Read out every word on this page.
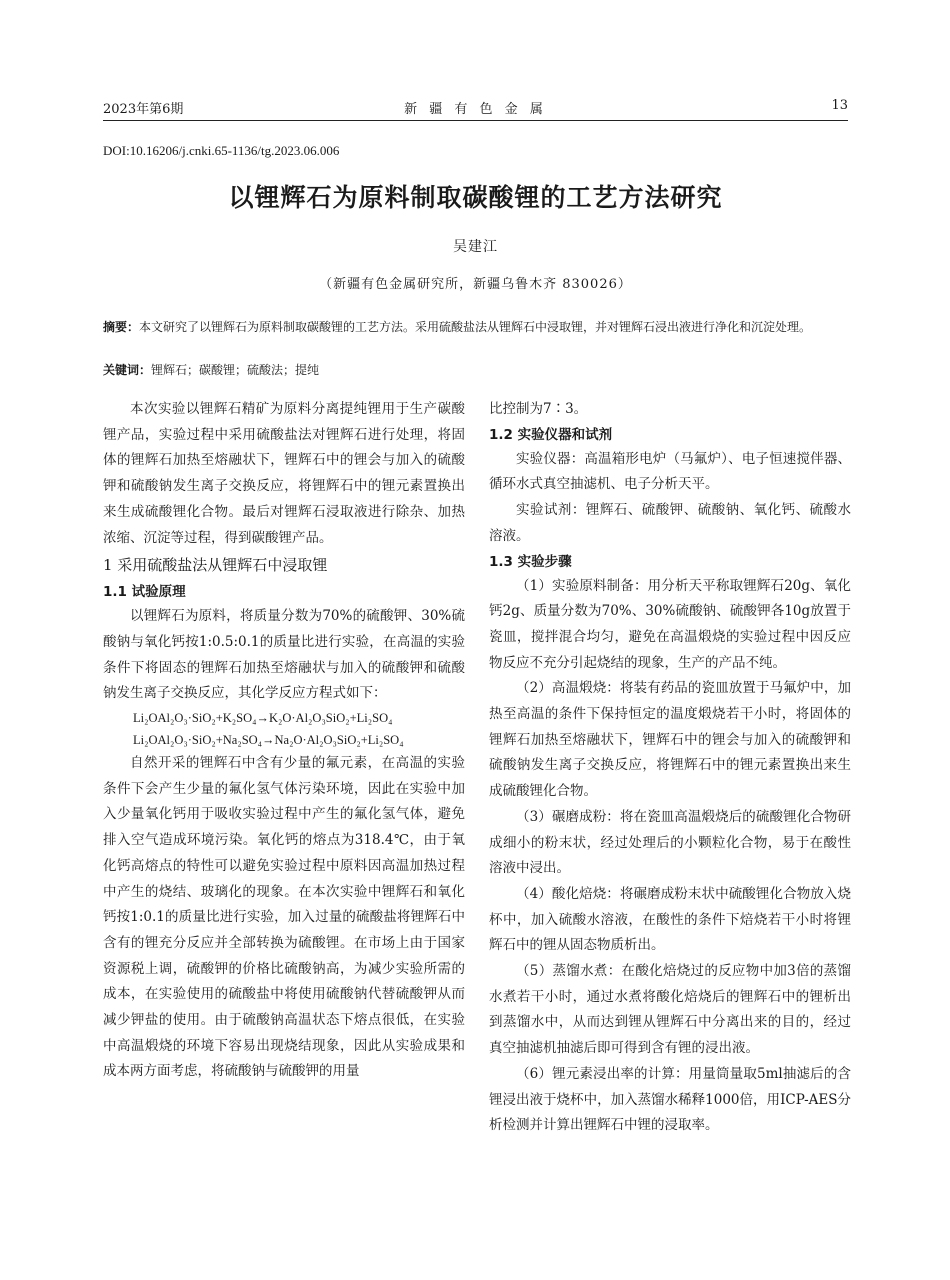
2023年第6期	新 疆 有 色 金 属	13
DOI:10.16206/j.cnki.65-1136/tg.2023.06.006
以锂辉石为原料制取碳酸锂的工艺方法研究
吴建江
（新疆有色金属研究所，新疆乌鲁木齐 830026）
摘要：本文研究了以锂辉石为原料制取碳酸锂的工艺方法。采用硫酸盐法从锂辉石中浸取锂，并对锂辉石浸出液进行净化和沉淀处理。
关键词：锂辉石；碳酸锂；硫酸法；提纯

本次实验以锂辉石精矿为原料分离提纯锂用于生产碳酸锂产品，实验过程中采用硫酸盐法对锂辉石进行处理，将固体的锂辉石加热至熔融状下，锂辉石中的锂会与加入的硫酸钾和硫酸钠发生离子交换反应，将锂辉石中的锂元素置换出来生成硫酸锂化合物。最后对锂辉石浸取液进行除杂、加热浓缩、沉淀等过程，得到碳酸锂产品。

1 采用硫酸盐法从锂辉石中浸取锂
1.1 试验原理

以锂辉石为原料，将质量分数为70%的硫酸钾、30%硫酸钠与氧化钙按1:0.5:0.1的质量比进行实验，在高温的实验条件下将固态的锂辉石加热至熔融状与加入的硫酸钾和硫酸钠发生离子交换反应，其化学反应方程式如下：

Li₂OAl₂O₃·SiO₂+K₂SO₄→K₂O·Al₂O₃SiO₂+Li₂SO₄
Li₂OAl₂O₃·SiO₂+Na₂SO₄→Na₂O·Al₂O₃SiO₂+Li₂SO₄

自然开采的锂辉石中含有少量的氟元素，在高温的实验条件下会产生少量的氟化氢气体污染环境，因此在实验中加入少量氧化钙用于吸收实验过程中产生的氟化氢气体，避免排入空气造成环境污染。氧化钙的熔点为318.4℃，由于氧化钙高熔点的特性可以避免实验过程中原料因高温加热过程中产生的烧结、玻璃化的现象。在本次实验中锂辉石和氧化钙按1:0.1的质量比进行实验，加入过量的硫酸盐将锂辉石中含有的锂充分反应并全部转换为硫酸锂。在市场上由于国家资源税上调，硫酸钾的价格比硫酸钠高，为减少实验所需的成本，在实验使用的硫酸盐中将使用硫酸钠代替硫酸钾从而减少钾盐的使用。由于硫酸钠高温状态下熔点很低，在实验中高温煅烧的环境下容易出现烧结现象，因此从实验成果和成本两方面考虑，将硫酸钠与硫酸钾的用量

比控制为7∶3。

1.2 实验仪器和试剂

实验仪器：高温箱形电炉（马氟炉）、电子恒速搅伴器、循环水式真空抽滤机、电子分析天平。

实验试剂：锂辉石、硫酸钾、硫酸钠、氧化钙、硫酸水溶液。

1.3 实验步骤

（1）实验原料制备：用分析天平称取锂辉石20g、氧化钙2g、质量分数为70%、30%硫酸钠、硫酸钾各10g放置于瓷皿，搅拌混合均匀，避免在高温煅烧的实验过程中因反应物反应不充分引起烧结的现象，生产的产品不纯。

（2）高温煅烧：将装有药品的瓷皿放置于马氟炉中，加热至高温的条件下保持恒定的温度煅烧若干小时，将固体的锂辉石加热至熔融状下，锂辉石中的锂会与加入的硫酸钾和硫酸钠发生离子交换反应，将锂辉石中的锂元素置换出来生成硫酸锂化合物。

（3）碾磨成粉：将在瓷皿高温煅烧后的硫酸锂化合物研成细小的粉末状，经过处理后的小颗粒化合物，易于在酸性溶液中浸出。

（4）酸化焙烧：将碾磨成粉末状中硫酸锂化合物放入烧杯中，加入硫酸水溶液，在酸性的条件下焙烧若干小时将锂辉石中的锂从固态物质析出。

（5）蒸馏水煮：在酸化焙烧过的反应物中加3倍的蒸馏水煮若干小时，通过水煮将酸化焙烧后的锂辉石中的锂析出到蒸馏水中，从而达到锂从锂辉石中分离出来的目的，经过真空抽滤机抽滤后即可得到含有锂的浸出液。

（6）锂元素浸出率的计算：用量筒量取5ml抽滤后的含锂浸出液于烧杯中，加入蒸馏水稀释1000倍，用ICP-AES分析检测并计算出锂辉石中锂的浸取率。
